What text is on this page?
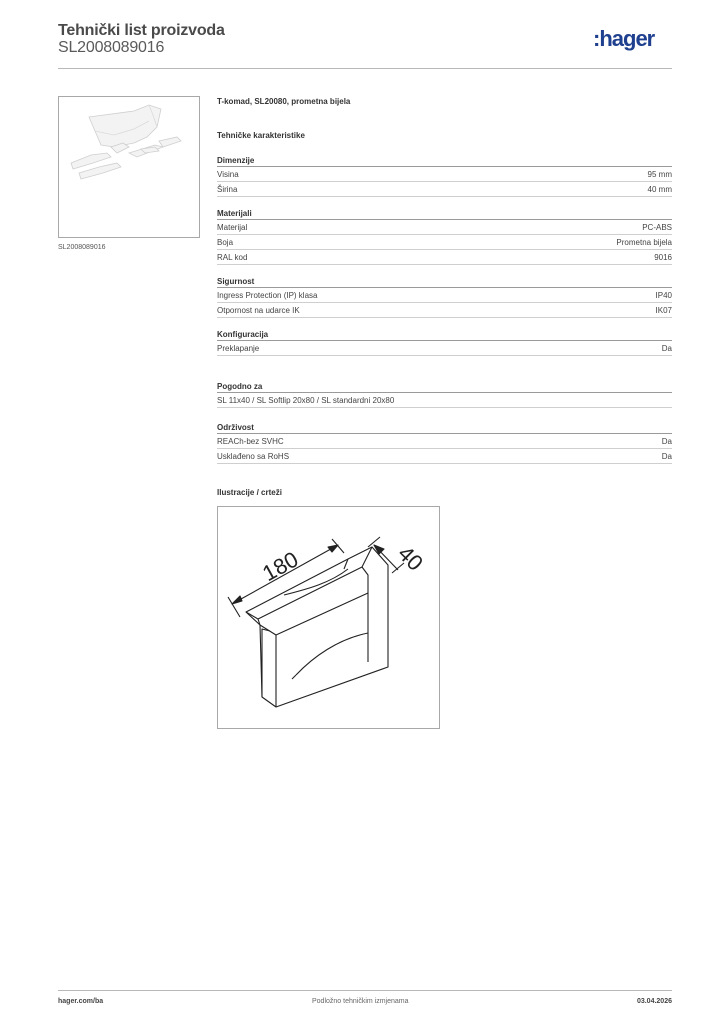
Tehnički list proizvoda
SL2008089016	:hager
SL2008089016
T-komad, SL20080, prometna bijela
Tehničke karakteristike
Dimenzije
Visina	95 mm
Širina	40 mm
Materijali
Materijal	PC-ABS
Boja	Prometna bijela
RAL kod	9016
Sigurnost
Ingress Protection (IP) klasa	IP40
Otpornost na udarce IK	IK07
Konfiguracija
Preklapanje	Da
Pogodno za
SL 11x40 / SL Softlip 20x80 / SL standardni 20x80
Održivost
REACh-bez SVHC	Da
Usklađeno sa RoHS	Da
Ilustracije / crteži
180	40
hager.com/ba	Podložno tehničkim izmjenama	03.04.2026
